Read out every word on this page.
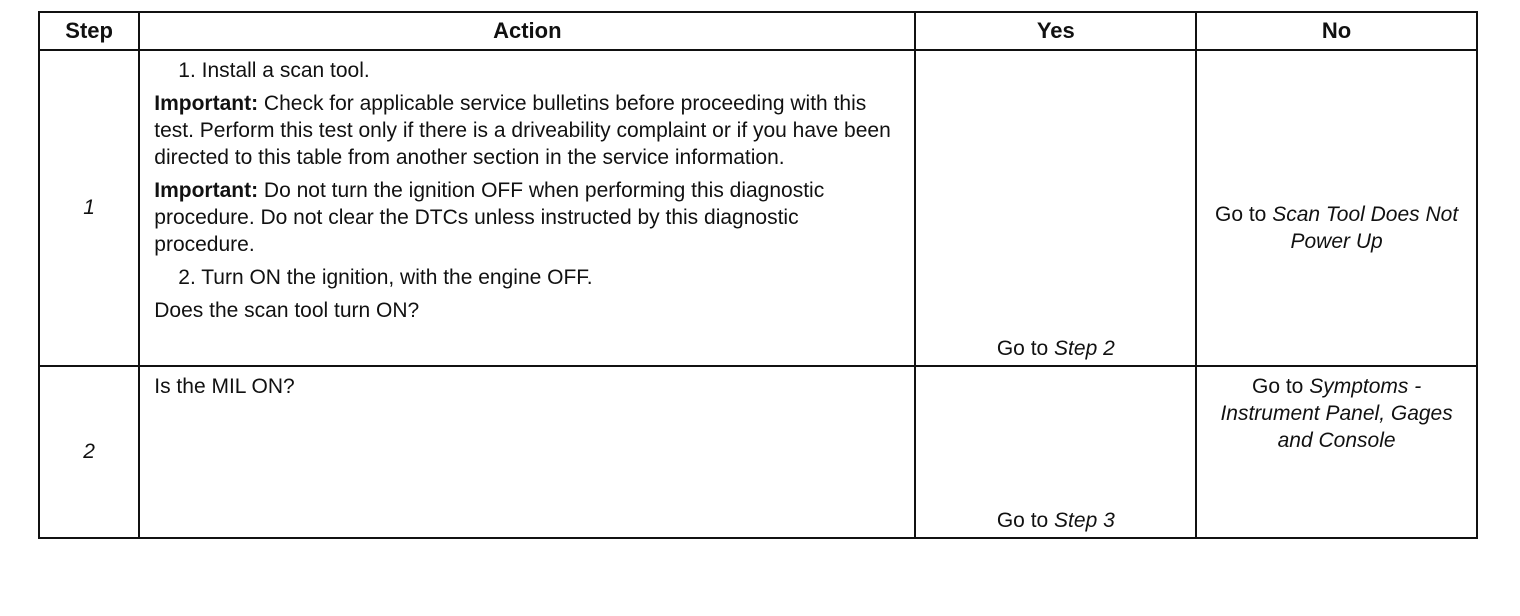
Step	Action	Yes	No
1	1. Install a scan tool.

Important: Check for applicable service bulletins before proceeding with this test. Perform this test only if there is a driveability complaint or if you have been directed to this table from another section in the service information.

Important: Do not turn the ignition OFF when performing this diagnostic procedure. Do not clear the DTCs unless instructed by this diagnostic procedure.

2. Turn ON the ignition, with the engine OFF.

Does the scan tool turn ON?	Go to Step 2	Go to Scan Tool Does Not Power Up

2	Is the MIL ON?	Go to Step 3	Go to Symptoms - Instrument Panel, Gages and Console
